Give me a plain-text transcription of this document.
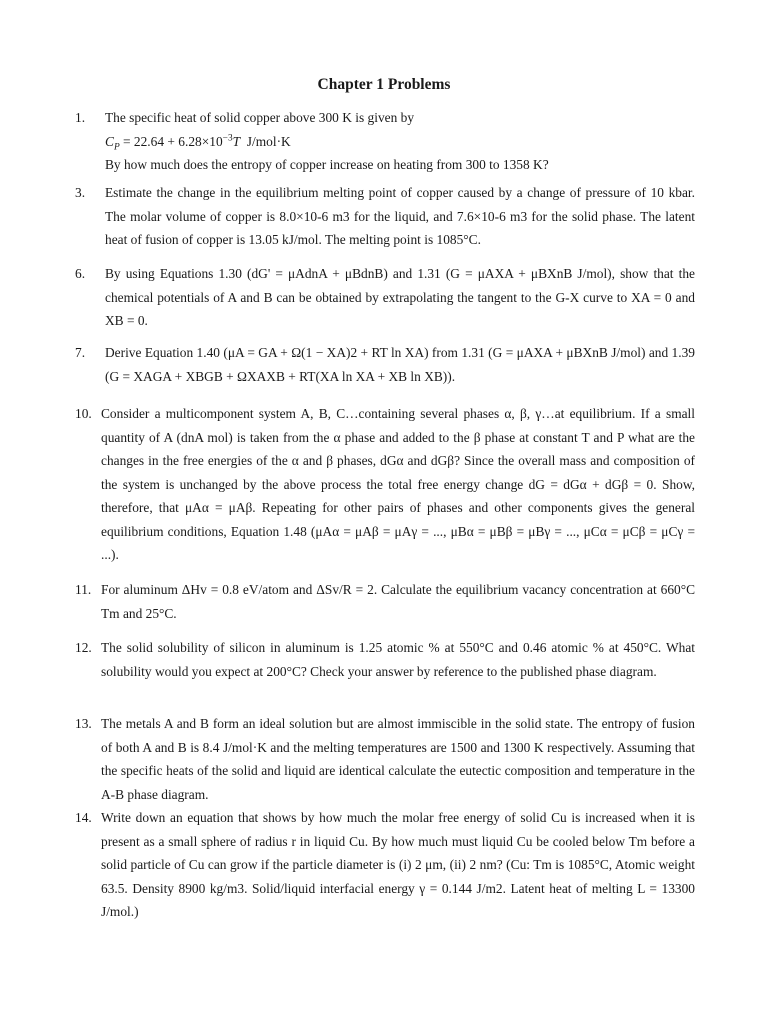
Chapter 1 Problems
1. The specific heat of solid copper above 300 K is given by
$C_P = 22.64 + 6.28\times 10^{-3}T$  J/mol·K
By how much does the entropy of copper increase on heating from 300 to 1358 K?
3. Estimate the change in the equilibrium melting point of copper caused by a change of pressure of 10 kbar. The molar volume of copper is 8.0×10-6 m3 for the liquid, and 7.6×10-6 m3 for the solid phase. The latent heat of fusion of copper is 13.05 kJ/mol. The melting point is 1085°C.
6. By using Equations 1.30 (dG' = μAdnA + μBdnB) and 1.31 (G = μAXA + μBXnB J/mol), show that the chemical potentials of A and B can be obtained by extrapolating the tangent to the G-X curve to XA = 0 and XB = 0.
7. Derive Equation 1.40 (μA = GA + Ω(1 − XA)2 + RT ln XA) from 1.31 (G = μAXA + μBXnB J/mol) and 1.39 (G = XAGA + XBGB + ΩXAXB + RT(XA ln XA + XB ln XB)).
10. Consider a multicomponent system A, B, C…containing several phases α, β, γ…at equilibrium. If a small quantity of A (dnA mol) is taken from the α phase and added to the β phase at constant T and P what are the changes in the free energies of the α and β phases, dGα and dGβ? Since the overall mass and composition of the system is unchanged by the above process the total free energy change dG = dGα + dGβ = 0. Show, therefore, that μAα = μAβ. Repeating for other pairs of phases and other components gives the general equilibrium conditions, Equation 1.48 (μAα = μAβ = μAγ = ..., μBα = μBβ = μBγ = ..., μCα = μCβ = μCγ = ...).
11. For aluminum ΔHv = 0.8 eV/atom and ΔSv/R = 2. Calculate the equilibrium vacancy concentration at 660°C Tm and 25°C.
12. The solid solubility of silicon in aluminum is 1.25 atomic % at 550°C and 0.46 atomic % at 450°C. What solubility would you expect at 200°C? Check your answer by reference to the published phase diagram.
13. The metals A and B form an ideal solution but are almost immiscible in the solid state. The entropy of fusion of both A and B is 8.4 J/mol·K and the melting temperatures are 1500 and 1300 K respectively. Assuming that the specific heats of the solid and liquid are identical calculate the eutectic composition and temperature in the A-B phase diagram.
14. Write down an equation that shows by how much the molar free energy of solid Cu is increased when it is present as a small sphere of radius r in liquid Cu. By how much must liquid Cu be cooled below Tm before a solid particle of Cu can grow if the particle diameter is (i) 2 μm, (ii) 2 nm? (Cu: Tm is 1085°C, Atomic weight 63.5. Density 8900 kg/m3. Solid/liquid interfacial energy γ = 0.144 J/m2. Latent heat of melting L = 13300 J/mol.)
